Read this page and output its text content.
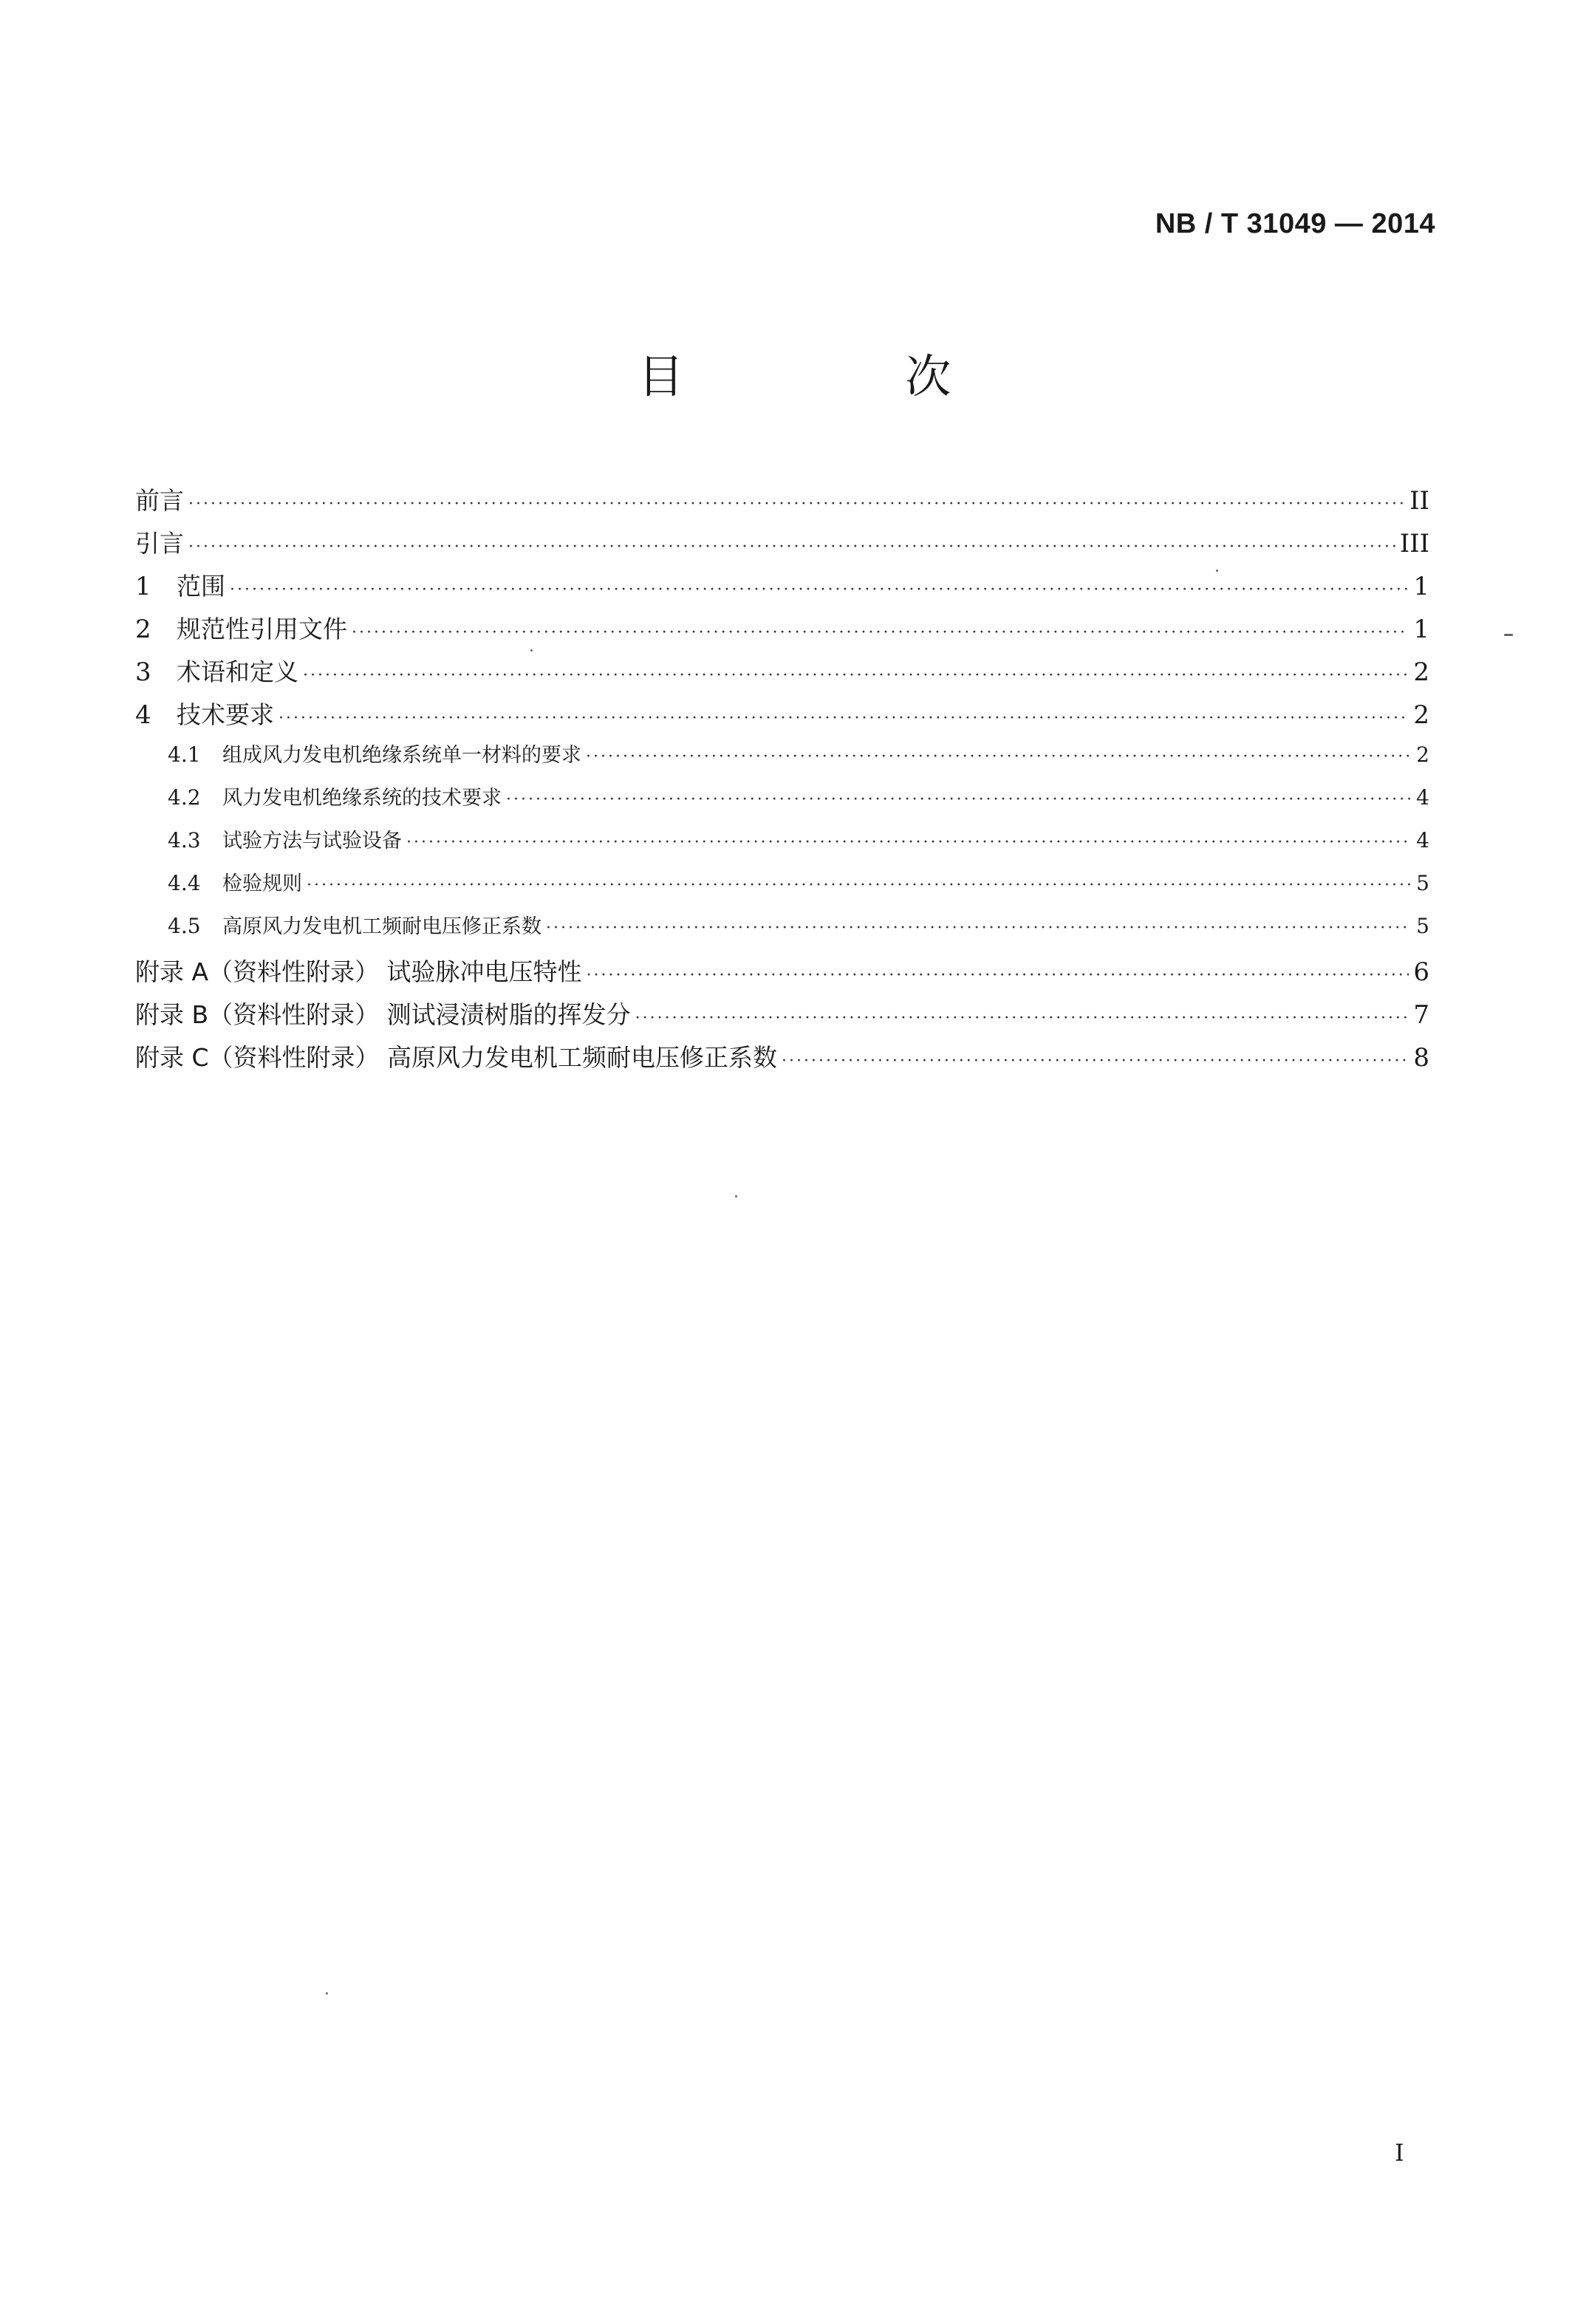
NB / T 31049 — 2014
目 次
前言 ·····	II
引言 ·····	III
1	范围 ·····	1
2	规范性引用文件 ·····	1
3	术语和定义 ·····	2
4	技术要求 ·····	2
4.1	组成风力发电机绝缘系统单一材料的要求 ·····	2
4.2	风力发电机绝缘系统的技术要求 ·····	4
4.3	试验方法与试验设备 ·····	4
4.4	检验规则 ·····	5
4.5	高原风力发电机工频耐电压修正系数 ·····	5
附录 A（资料性附录） 试验脉冲电压特性 ·····	6
附录 B（资料性附录） 测试浸渍树脂的挥发分 ·····	7
附录 C（资料性附录） 高原风力发电机工频耐电压修正系数 ·····	8
I
